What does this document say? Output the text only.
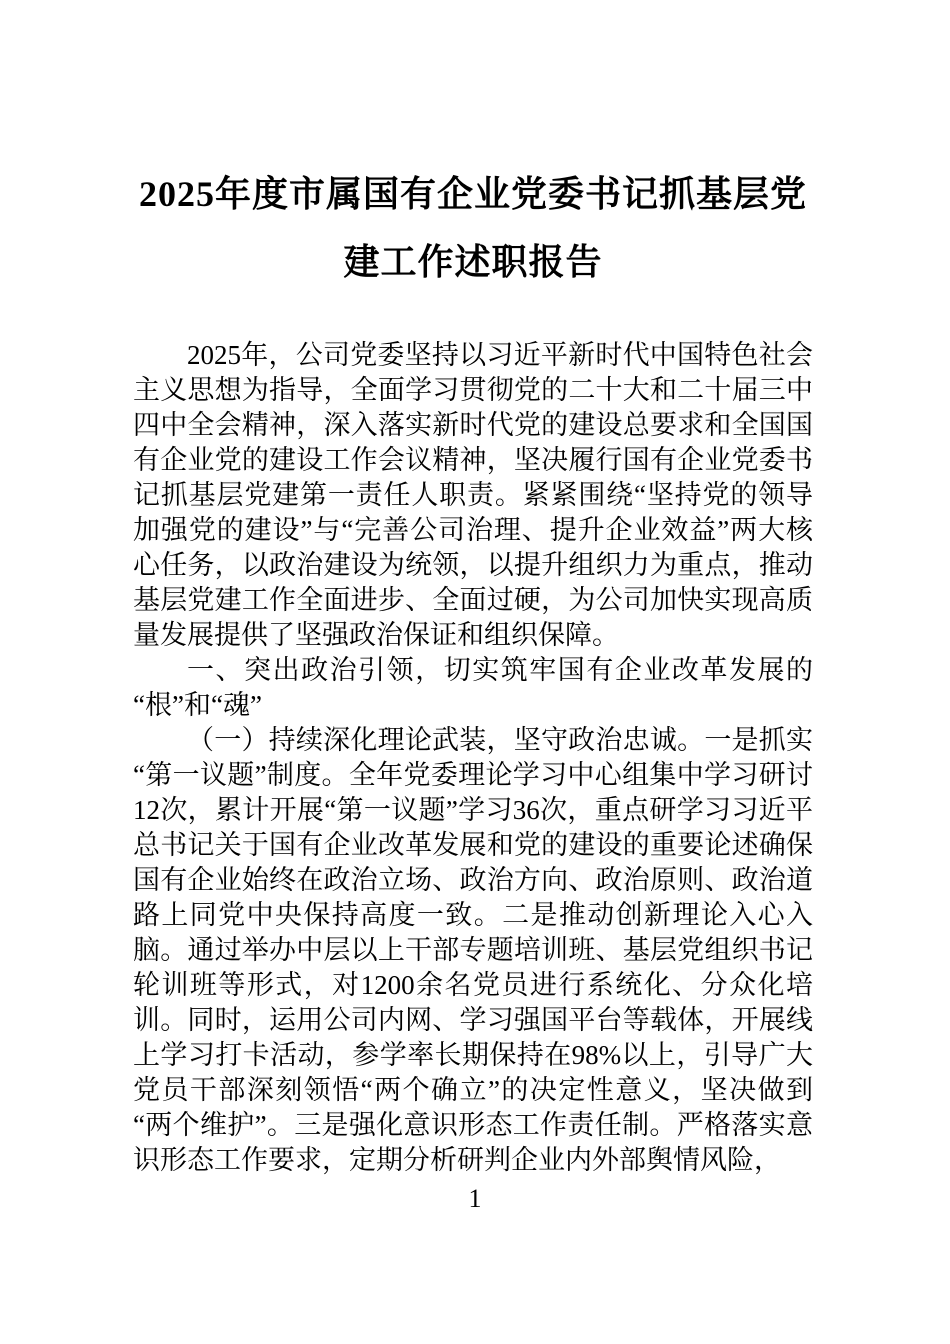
2025年度市属国有企业党委书记抓基层党
建工作述职报告

2025年，公司党委坚持以习近平新时代中国特色社会主义思想为指导，全面学习贯彻党的二十大和二十届三中四中全会精神，深入落实新时代党的建设总要求和全国国有企业党的建设工作会议精神，坚决履行国有企业党委书记抓基层党建第一责任人职责。紧紧围绕“坚持党的领导加强党的建设”与“完善公司治理、提升企业效益”两大核心任务，以政治建设为统领，以提升组织力为重点，推动基层党建工作全面进步、全面过硬，为公司加快实现高质量发展提供了坚强政治保证和组织保障。

一、突出政治引领，切实筑牢国有企业改革发展的“根”和“魂”

（一）持续深化理论武装，坚守政治忠诚。一是抓实“第一议题”制度。全年党委理论学习中心组集中学习研讨12次，累计开展“第一议题”学习36次，重点研学习习近平总书记关于国有企业改革发展和党的建设的重要论述确保国有企业始终在政治立场、政治方向、政治原则、政治道路上同党中央保持高度一致。二是推动创新理论入心入脑。通过举办中层以上干部专题培训班、基层党组织书记轮训班等形式，对1200余名党员进行系统化、分众化培训。同时，运用公司内网、学习强国平台等载体，开展线上学习打卡活动，参学率长期保持在98%以上，引导广大党员干部深刻领悟“两个确立”的决定性意义，坚决做到“两个维护”。三是强化意识形态工作责任制。严格落实意识形态工作要求，定期分析研判企业内外部舆情风险，

1
